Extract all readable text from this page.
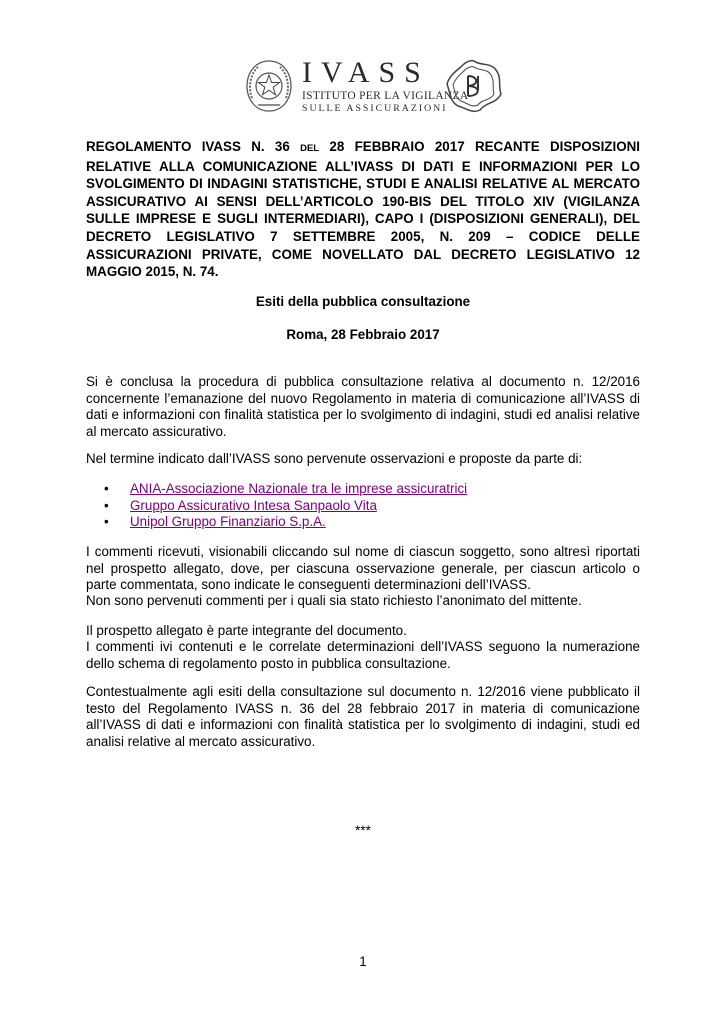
IVASS
ISTITUTO PER LA VIGILANZA
SULLE ASSICURAZIONI
REGOLAMENTO IVASS N. 36 DEL 28 FEBBRAIO 2017 RECANTE DISPOSIZIONI RELATIVE ALLA COMUNICAZIONE ALL’IVASS DI DATI E INFORMAZIONI PER LO SVOLGIMENTO DI INDAGINI STATISTICHE, STUDI E ANALISI RELATIVE AL MERCATO ASSICURATIVO AI SENSI DELL’ARTICOLO 190-BIS DEL TITOLO XIV (VIGILANZA SULLE IMPRESE E SUGLI INTERMEDIARI), CAPO I (DISPOSIZIONI GENERALI), DEL DECRETO LEGISLATIVO 7 SETTEMBRE 2005, N. 209 – CODICE DELLE ASSICURAZIONI PRIVATE, COME NOVELLATO DAL DECRETO LEGISLATIVO 12 MAGGIO 2015, N. 74.
Esiti della pubblica consultazione
Roma, 28 Febbraio 2017
Si è conclusa la procedura di pubblica consultazione relativa al documento n. 12/2016 concernente l’emanazione del nuovo Regolamento in materia di comunicazione all’IVASS di dati e informazioni con finalità statistica per lo svolgimento di indagini, studi ed analisi relative al mercato assicurativo.
Nel termine indicato dall’IVASS sono pervenute osservazioni e proposte da parte di:
• ANIA-Associazione Nazionale tra le imprese assicuratrici
• Gruppo Assicurativo Intesa Sanpaolo Vita
• Unipol Gruppo Finanziario S.p.A.
I commenti ricevuti, visionabili cliccando sul nome di ciascun soggetto, sono altresì riportati nel prospetto allegato, dove, per ciascuna osservazione generale, per ciascun articolo o parte commentata, sono indicate le conseguenti determinazioni dell’IVASS.
Non sono pervenuti commenti per i quali sia stato richiesto l’anonimato del mittente.
Il prospetto allegato è parte integrante del documento.
I commenti ivi contenuti e le correlate determinazioni dell’IVASS seguono la numerazione dello schema di regolamento posto in pubblica consultazione.
Contestualmente agli esiti della consultazione sul documento n. 12/2016 viene pubblicato il testo del Regolamento IVASS n. 36 del 28 febbraio 2017 in materia di comunicazione all’IVASS di dati e informazioni con finalità statistica per lo svolgimento di indagini, studi ed analisi relative al mercato assicurativo.
***
1
